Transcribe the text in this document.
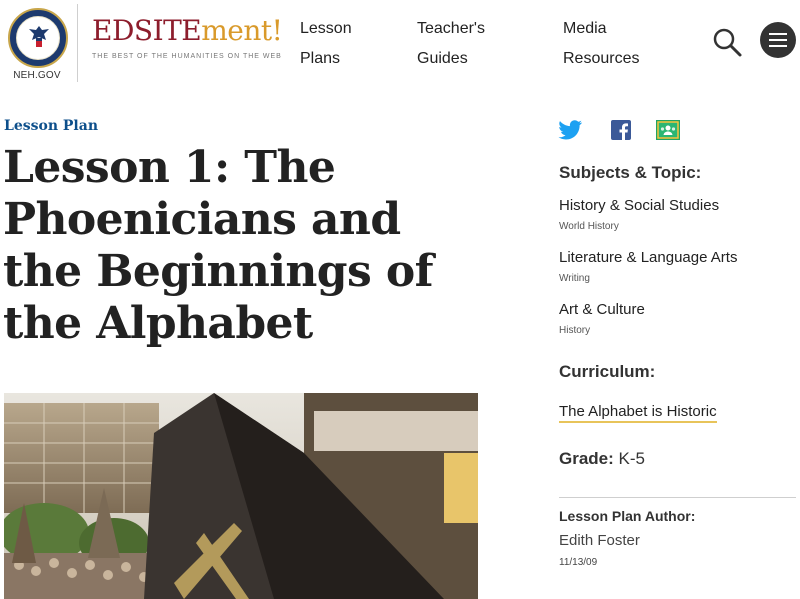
NEH.GOV
EDSITEment!
THE BEST OF THE HUMANITIES ON THE WEB
Lesson
Plans
Teacher's
Guides
Media
Resources
Lesson Plan
Lesson 1: The Phoenicians and the Beginnings of the Alphabet
Subjects & Topic:
History & Social Studies
World History
Literature & Language Arts
Writing
Art & Culture
History
Curriculum:
The Alphabet is Historic
Grade: K-5
Lesson Plan Author:
Edith Foster
11/13/09
